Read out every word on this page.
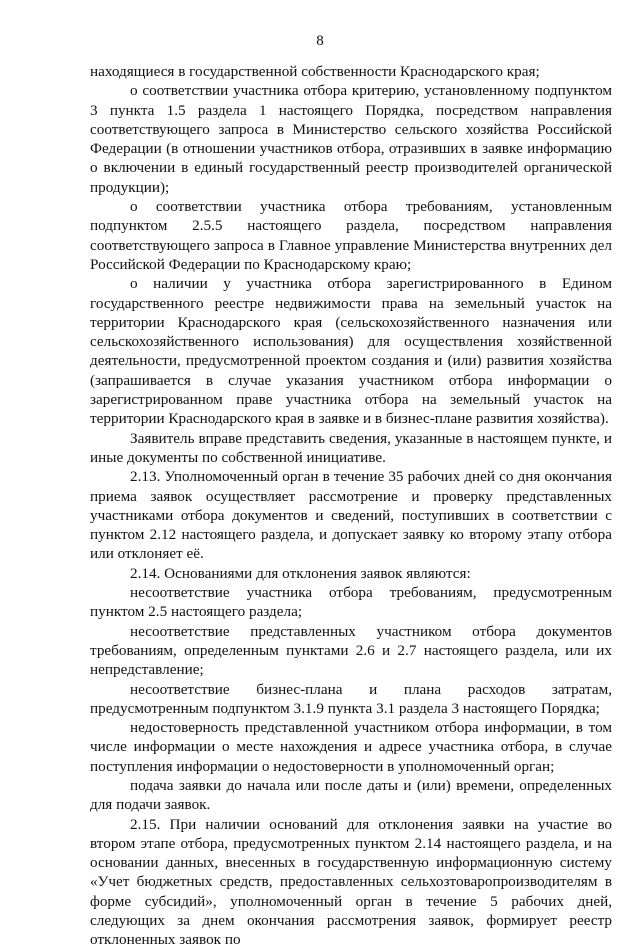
8

находящиеся в государственной собственности Краснодарского края;

о соответствии участника отбора критерию, установленному подпунктом 3 пункта 1.5 раздела 1 настоящего Порядка, посредством направления соответствующего запроса в Министерство сельского хозяйства Российской Федерации (в отношении участников отбора, отразивших в заявке информацию о включении в единый государственный реестр производителей органической продукции);

о соответствии участника отбора требованиям, установленным подпунктом 2.5.5 настоящего раздела, посредством направления соответствующего запроса в Главное управление Министерства внутренних дел Российской Федерации по Краснодарскому краю;

о наличии у участника отбора зарегистрированного в Едином государственного реестре недвижимости права на земельный участок на территории Краснодарского края (сельскохозяйственного назначения или сельскохозяйственного использования) для осуществления хозяйственной деятельности, предусмотренной проектом создания и (или) развития хозяйства (запрашивается в случае указания участником отбора информации о зарегистрированном праве участника отбора на земельный участок на территории Краснодарского края в заявке и в бизнес-плане развития хозяйства).

Заявитель вправе представить сведения, указанные в настоящем пункте, и иные документы по собственной инициативе.

2.13. Уполномоченный орган в течение 35 рабочих дней со дня окончания приема заявок осуществляет рассмотрение и проверку представленных участниками отбора документов и сведений, поступивших в соответствии с пунктом 2.12 настоящего раздела, и допускает заявку ко второму этапу отбора или отклоняет её.

2.14. Основаниями для отклонения заявок являются:

несоответствие участника отбора требованиям, предусмотренным пунктом 2.5 настоящего раздела;

несоответствие представленных участником отбора документов требованиям, определенным пунктами 2.6 и 2.7 настоящего раздела, или их непредставление;

несоответствие бизнес-плана и плана расходов затратам, предусмотренным подпунктом 3.1.9 пункта 3.1 раздела 3 настоящего Порядка;

недостоверность представленной участником отбора информации, в том числе информации о месте нахождения и адресе участника отбора, в случае поступления информации о недостоверности в уполномоченный орган;

подача заявки до начала или после даты и (или) времени, определенных для подачи заявок.

2.15. При наличии оснований для отклонения заявки на участие во втором этапе отбора, предусмотренных пунктом 2.14 настоящего раздела, и на основании данных, внесенных в государственную информационную систему «Учет бюджетных средств, предоставленных сельхозтоваропроизводителям в форме субсидий», уполномоченный орган в течение 5 рабочих дней, следующих за днем окончания рассмотрения заявок, формирует реестр отклоненных заявок по
